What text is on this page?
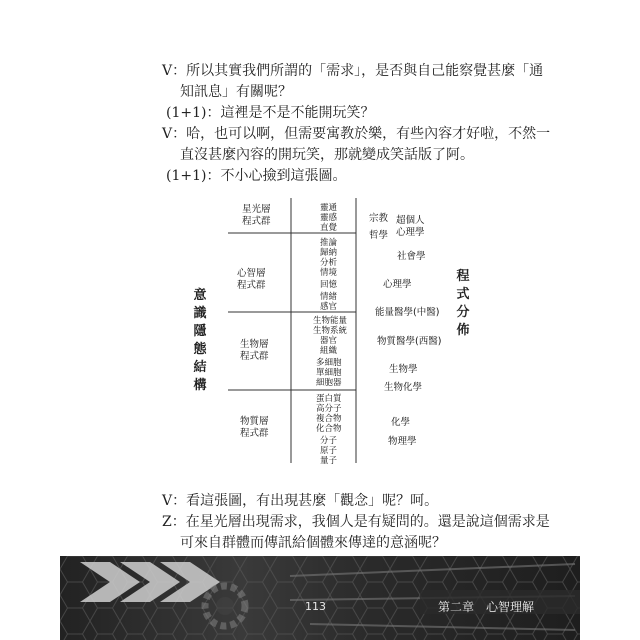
V：所以其實我們所謂的「需求」，是否與自己能察覺甚麼「通
知訊息」有關呢？
(1+1)：這裡是不是不能開玩笑？
V：哈，也可以啊，但需要寓教於樂，有些內容才好啦，不然一
直沒甚麼內容的開玩笑，那就變成笑話版了阿。
(1+1)：不小心撿到這張圖。
意識隱態結構
程式分佈
星光層
程式群
心智層
程式群
生物層
程式群
物質層
程式群
靈通
靈感
直覺
推論
歸納
分析
情境
回憶
情緒
感官
生物能量
生物系統
器官
組織
多細胞
單細胞
細胞器
蛋白質
高分子
複合物
化合物
分子
原子
量子
宗教
哲學
超個人
心理學
社會學
心理學
能量醫學(中醫)
物質醫學(西醫)
生物學
生物化學
化學
物理學
V：看這張圖，有出現甚麼「觀念」呢？呵。
Z：在星光層出現需求，我個人是有疑問的。還是說這個需求是
可來自群體而傳訊給個體來傳達的意涵呢？
113	第二章　心智理解
